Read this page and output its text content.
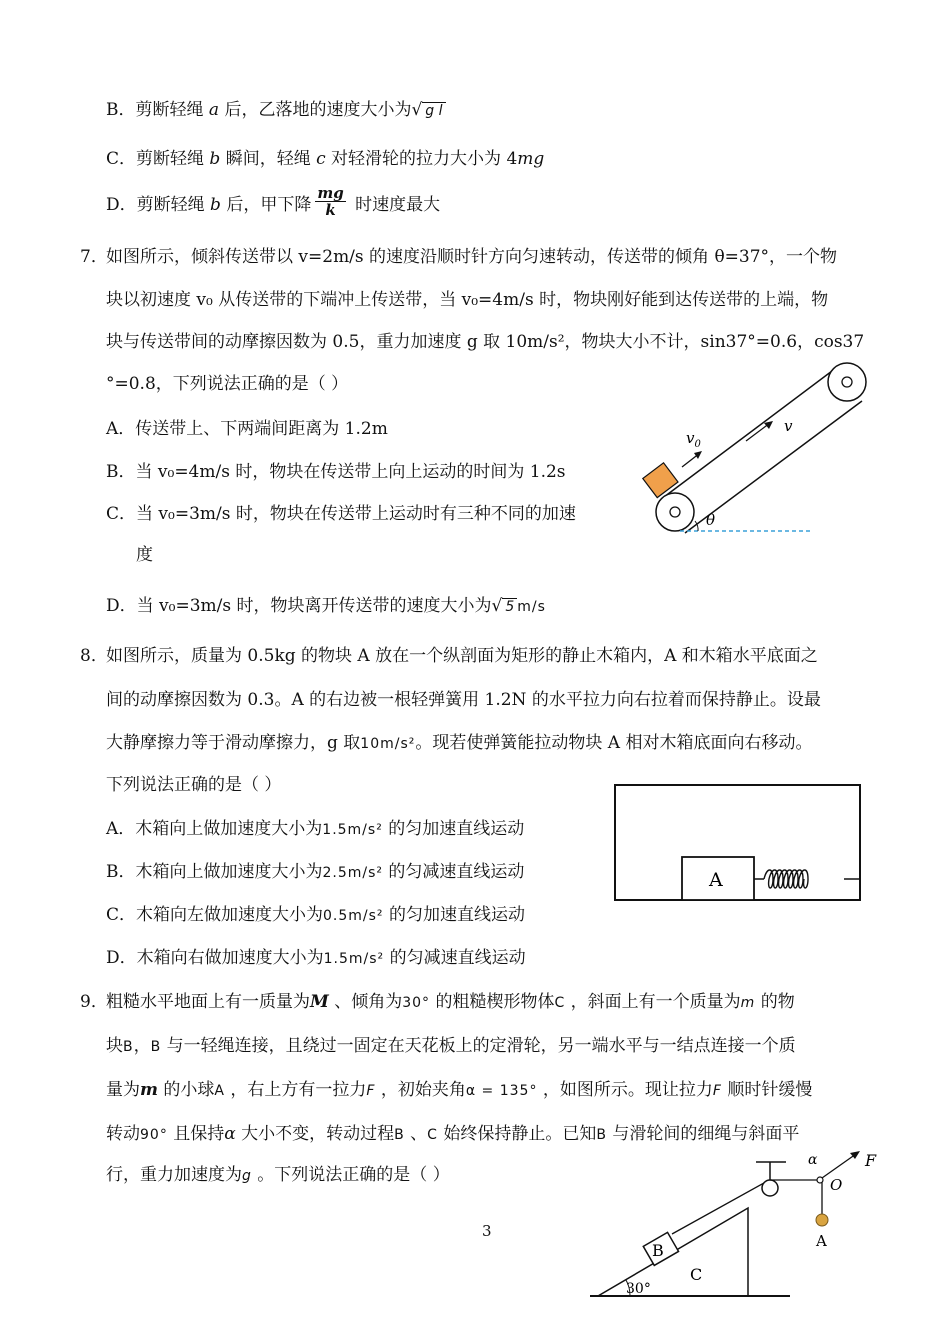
B．剪断轻绳 a 后，乙落地的速度大小为√ g l
C．剪断轻绳 b 瞬间，轻绳 c 对轻滑轮的拉力大小为 4mg
D．剪断轻绳 b 后，甲下降 $\frac{mg}{k}$ 时速度最大
7．
如图所示，倾斜传送带以 v=2m/s 的速度沿顺时针方向匀速转动，传送带的倾角 θ=37°，一个物
块以初速度 v₀ 从传送带的下端冲上传送带，当 v₀=4m/s 时，物块刚好能到达传送带的上端，物
块与传送带间的动摩擦因数为 0.5，重力加速度 g 取 10m/s²，物块大小不计，sin37°=0.6，cos37
°=0.8，下列说法正确的是（ ）
A．传送带上、下两端间距离为 1.2m
B．当 v₀=4m/s 时，物块在传送带上向上运动的时间为 1.2s
C．当 v₀=3m/s 时，物块在传送带上运动时有三种不同的加速
度
D．当 v₀=3m/s 时，物块离开传送带的速度大小为√ 5 m/s
θ
$v_0$
v
8．
如图所示，质量为 0.5kg 的物块 A 放在一个纵剖面为矩形的静止木箱内，A 和木箱水平底面之
间的动摩擦因数为 0.3。A 的右边被一根轻弹簧用 1.2N 的水平拉力向右拉着而保持静止。设最
大静摩擦力等于滑动摩擦力，g 取10m/s²。现若使弹簧能拉动物块 A 相对木箱底面向右移动。
下列说法正确的是（ ）
A．木箱向上做加速度大小为1.5m/s² 的匀加速直线运动
B．木箱向上做加速度大小为2.5m/s² 的匀减速直线运动
C．木箱向左做加速度大小为0.5m/s² 的匀加速直线运动
D．木箱向右做加速度大小为1.5m/s² 的匀减速直线运动
A
9．
粗糙水平地面上有一质量为M 、倾角为30° 的粗糙楔形物体C ，斜面上有一个质量为m 的物
块B，B 与一轻绳连接，且绕过一固定在天花板上的定滑轮，另一端水平与一结点连接一个质
量为m 的小球A ，右上方有一拉力F ，初始夹角α = 135° ，如图所示。现让拉力F 顺时针缓慢
转动90° 且保持α 大小不变，转动过程B 、C 始终保持静止。已知B 与滑轮间的细绳与斜面平
行，重力加速度为g 。下列说法正确的是（ ）
B
F
α
O
A
C
30°
3
